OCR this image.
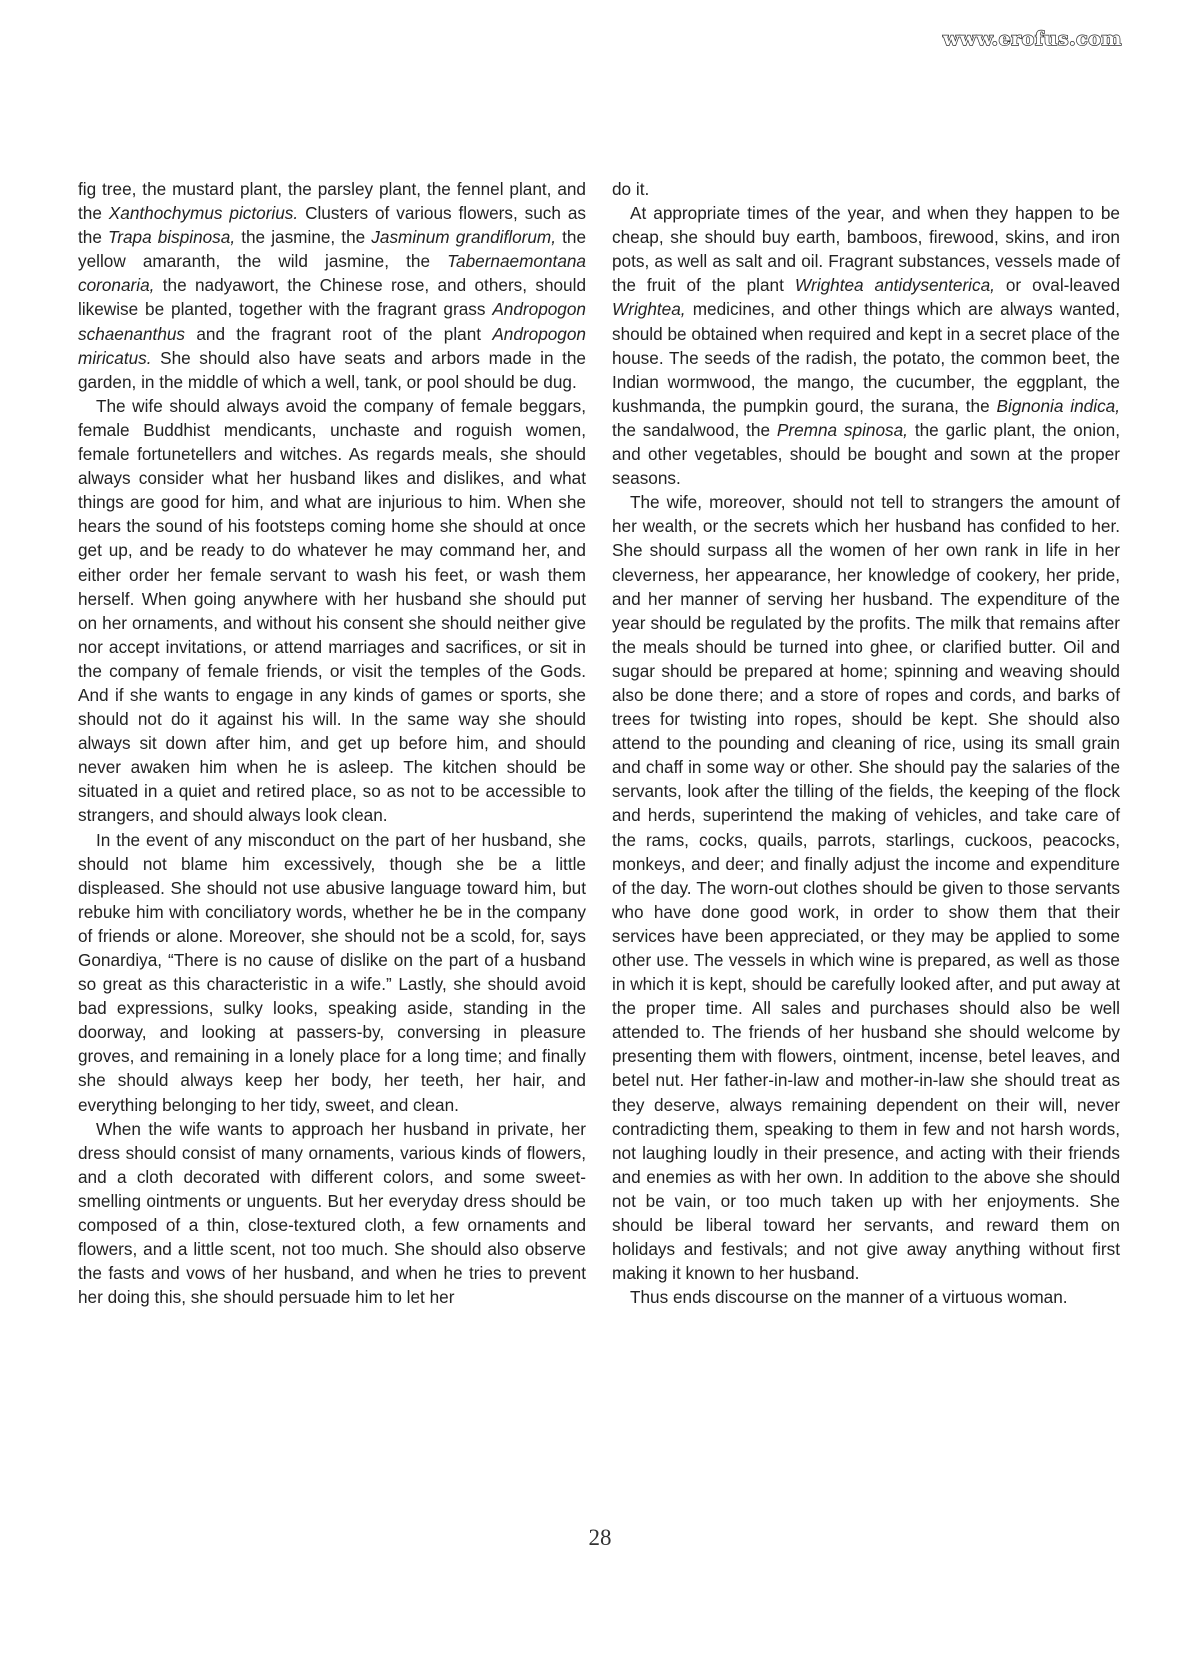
www.erofus.com

fig tree, the mustard plant, the parsley plant, the fennel plant, and the Xanthochymus pictorius. Clusters of various flowers, such as the Trapa bispinosa, the jasmine, the Jasminum grandiflorum, the yellow amaranth, the wild jasmine, the Tabernaemontana coronaria, the nadyawort, the Chinese rose, and others, should likewise be planted, together with the fragrant grass Andropogon schaenanthus and the fragrant root of the plant Andropogon miricatus. She should also have seats and arbors made in the garden, in the middle of which a well, tank, or pool should be dug.

The wife should always avoid the company of female beggars, female Buddhist mendicants, unchaste and roguish women, female fortunetellers and witches. As regards meals, she should always consider what her husband likes and dislikes, and what things are good for him, and what are injurious to him. When she hears the sound of his footsteps coming home she should at once get up, and be ready to do whatever he may command her, and either order her female servant to wash his feet, or wash them herself. When going anywhere with her husband she should put on her ornaments, and without his consent she should neither give nor accept invitations, or attend marriages and sacrifices, or sit in the company of female friends, or visit the temples of the Gods. And if she wants to engage in any kinds of games or sports, she should not do it against his will. In the same way she should always sit down after him, and get up before him, and should never awaken him when he is asleep. The kitchen should be situated in a quiet and retired place, so as not to be accessible to strangers, and should always look clean.

In the event of any misconduct on the part of her husband, she should not blame him excessively, though she be a little displeased. She should not use abusive language toward him, but rebuke him with conciliatory words, whether he be in the company of friends or alone. Moreover, she should not be a scold, for, says Gonardiya, “There is no cause of dislike on the part of a husband so great as this characteristic in a wife.” Lastly, she should avoid bad expressions, sulky looks, speaking aside, standing in the doorway, and looking at passers-by, conversing in pleasure groves, and remaining in a lonely place for a long time; and finally she should always keep her body, her teeth, her hair, and everything belonging to her tidy, sweet, and clean.

When the wife wants to approach her husband in private, her dress should consist of many ornaments, various kinds of flowers, and a cloth decorated with different colors, and some sweet-smelling ointments or unguents. But her everyday dress should be composed of a thin, close-textured cloth, a few ornaments and flowers, and a little scent, not too much. She should also observe the fasts and vows of her husband, and when he tries to prevent her doing this, she should persuade him to let her

do it.

At appropriate times of the year, and when they happen to be cheap, she should buy earth, bamboos, firewood, skins, and iron pots, as well as salt and oil. Fragrant substances, vessels made of the fruit of the plant Wrightea antidysenterica, or oval-leaved Wrightea, medicines, and other things which are always wanted, should be obtained when required and kept in a secret place of the house. The seeds of the radish, the potato, the common beet, the Indian wormwood, the mango, the cucumber, the eggplant, the kushmanda, the pumpkin gourd, the surana, the Bignonia indica, the sandalwood, the Premna spinosa, the garlic plant, the onion, and other vegetables, should be bought and sown at the proper seasons.

The wife, moreover, should not tell to strangers the amount of her wealth, or the secrets which her husband has confided to her. She should surpass all the women of her own rank in life in her cleverness, her appearance, her knowledge of cookery, her pride, and her manner of serving her husband. The expenditure of the year should be regulated by the profits. The milk that remains after the meals should be turned into ghee, or clarified butter. Oil and sugar should be prepared at home; spinning and weaving should also be done there; and a store of ropes and cords, and barks of trees for twisting into ropes, should be kept. She should also attend to the pounding and cleaning of rice, using its small grain and chaff in some way or other. She should pay the salaries of the servants, look after the tilling of the fields, the keeping of the flock and herds, superintend the making of vehicles, and take care of the rams, cocks, quails, parrots, starlings, cuckoos, peacocks, monkeys, and deer; and finally adjust the income and expenditure of the day. The worn-out clothes should be given to those servants who have done good work, in order to show them that their services have been appreciated, or they may be applied to some other use. The vessels in which wine is prepared, as well as those in which it is kept, should be carefully looked after, and put away at the proper time. All sales and purchases should also be well attended to. The friends of her husband she should welcome by presenting them with flowers, ointment, incense, betel leaves, and betel nut. Her father-in-law and mother-in-law she should treat as they deserve, always remaining dependent on their will, never contradicting them, speaking to them in few and not harsh words, not laughing loudly in their presence, and acting with their friends and enemies as with her own. In addition to the above she should not be vain, or too much taken up with her enjoyments. She should be liberal toward her servants, and reward them on holidays and festivals; and not give away anything without first making it known to her husband.

Thus ends discourse on the manner of a virtuous woman.

28
